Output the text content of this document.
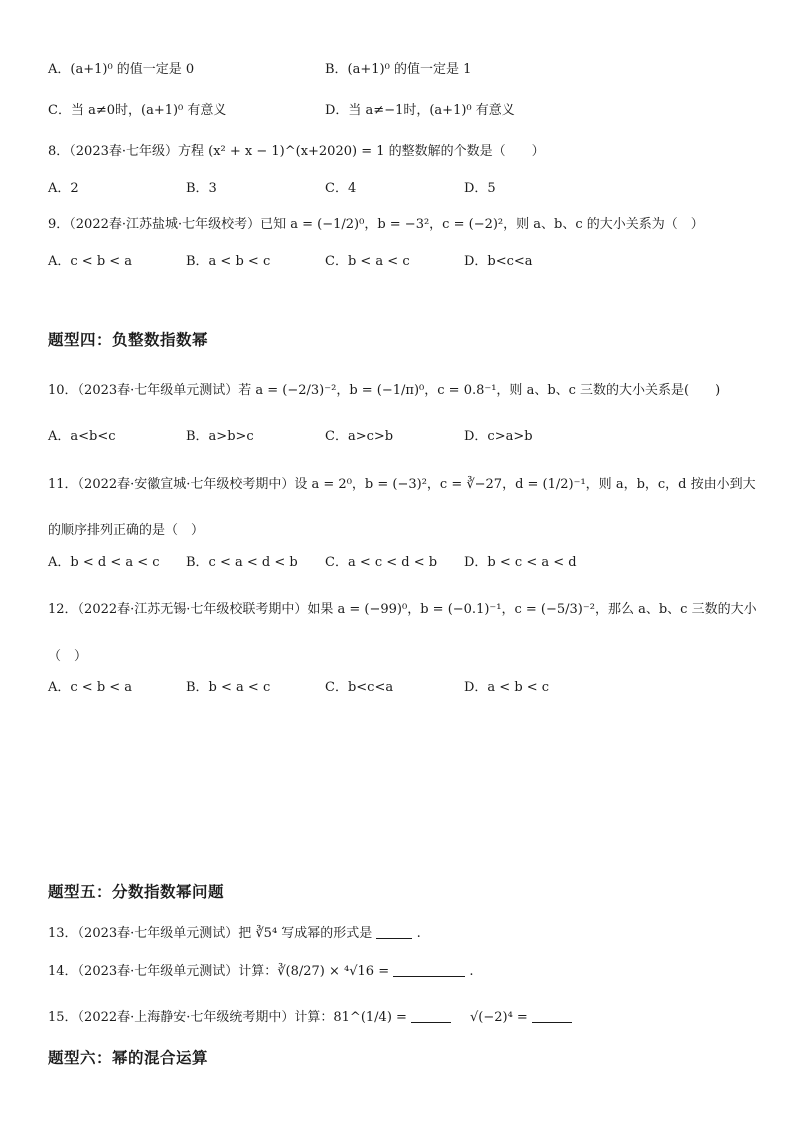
A．(a+1)⁰ 的值一定是 0	B．(a+1)⁰ 的值一定是 1
C．当 a≠0时，(a+1)⁰ 有意义	D．当 a≠−1时，(a+1)⁰ 有意义
8．（2023春·七年级）方程 (x² + x − 1)^(x+2020) = 1 的整数解的个数是（　　）
A．2	B．3	C．4	D．5
9．（2022春·江苏盐城·七年级校考）已知 a = (−1/2)⁰，b = −3²，c = (−2)²，则 a、b、c 的大小关系为（　）
A．c < b < a	B．a < b < c	C．b < a < c	D．b<c<a
题型四：负整数指数幂
10．（2023春·七年级单元测试）若 a = (−2/3)⁻²，b = (−1/π)⁰，c = 0.8⁻¹，则 a、b、c 三数的大小关系是(　　)
A．a<b<c	B．a>b>c	C．a>c>b	D．c>a>b
11．（2022春·安徽宣城·七年级校考期中）设 a = 2⁰，b = (−3)²，c = ∛−27，d = (1/2)⁻¹，则 a，b，c，d 按由小到大
的顺序排列正确的是（　）
A．b < d < a < c B．c < a < d < b C．a < c < d < b D．b < c < a < d
12．（2022春·江苏无锡·七年级校联考期中）如果 a = (−99)⁰，b = (−0.1)⁻¹，c = (−5/3)⁻²，那么 a、b、c 三数的大小
（　）
A．c < b < a	B．b < a < c	C．b<c<a	D．a < b < c
题型五：分数指数幂问题
13．（2023春·七年级单元测试）把 ∛5⁴ 写成幂的形式是	.
14．（2023春·七年级单元测试）计算：∛(8/27) × ⁴√16 =	.
15．（2022春·上海静安·七年级统考期中）计算：81^(1/4) =	√(−2)⁴ =
题型六：幂的混合运算
